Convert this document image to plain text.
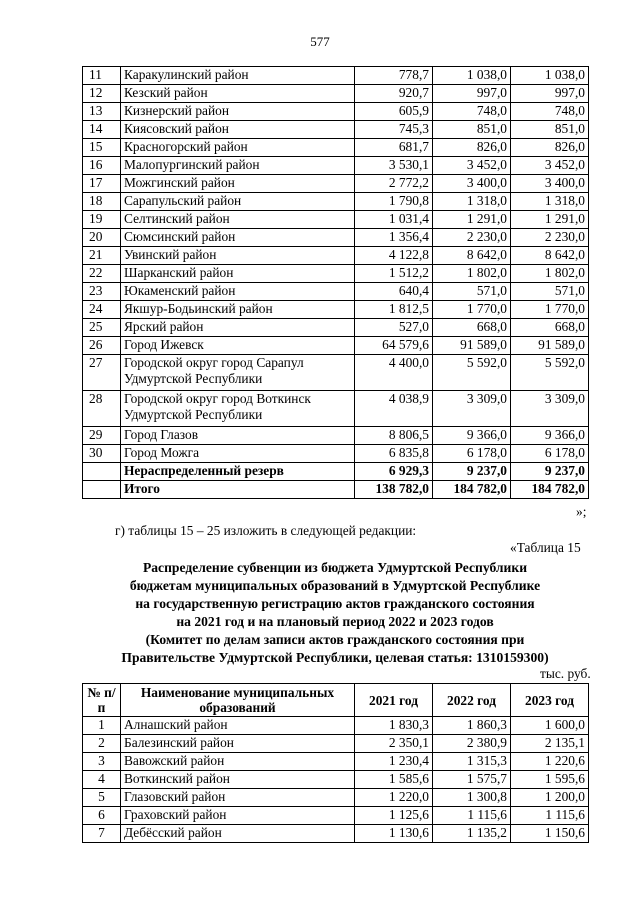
577
11	Каракулинский район	778,7	1 038,0	1 038,0
12	Кезский район	920,7	997,0	997,0
13	Кизнерский район	605,9	748,0	748,0
14	Киясовский район	745,3	851,0	851,0
15	Красногорский район	681,7	826,0	826,0
16	Малопургинский район	3 530,1	3 452,0	3 452,0
17	Можгинский район	2 772,2	3 400,0	3 400,0
18	Сарапульский район	1 790,8	1 318,0	1 318,0
19	Селтинский район	1 031,4	1 291,0	1 291,0
20	Сюмсинский район	1 356,4	2 230,0	2 230,0
21	Увинский район	4 122,8	8 642,0	8 642,0
22	Шарканский район	1 512,2	1 802,0	1 802,0
23	Юкаменский район	640,4	571,0	571,0
24	Якшур-Бодьинский район	1 812,5	1 770,0	1 770,0
25	Ярский район	527,0	668,0	668,0
26	Город Ижевск	64 579,6	91 589,0	91 589,0
27	Городской округ город Сарапул Удмуртской Республики	4 400,0	5 592,0	5 592,0
28	Городской округ город Воткинск Удмуртской Республики	4 038,9	3 309,0	3 309,0
29	Город Глазов	8 806,5	9 366,0	9 366,0
30	Город Можга	6 835,8	6 178,0	6 178,0
	Нераспределенный резерв	6 929,3	9 237,0	9 237,0
	Итого	138 782,0	184 782,0	184 782,0
»;
г) таблицы 15 – 25 изложить в следующей редакции:
«Таблица 15
Распределение субвенции из бюджета Удмуртской Республики
бюджетам муниципальных образований в Удмуртской Республике
на государственную регистрацию актов гражданского состояния
на 2021 год и на плановый период 2022 и 2023 годов
(Комитет по делам записи актов гражданского состояния при
Правительстве Удмуртской Республики, целевая статья: 1310159300)
тыс. руб.
№ п/п	Наименование муниципальных образований	2021 год	2022 год	2023 год
1	Алнашский район	1 830,3	1 860,3	1 600,0
2	Балезинский район	2 350,1	2 380,9	2 135,1
3	Вавожский район	1 230,4	1 315,3	1 220,6
4	Воткинский район	1 585,6	1 575,7	1 595,6
5	Глазовский район	1 220,0	1 300,8	1 200,0
6	Граховский район	1 125,6	1 115,6	1 115,6
7	Дебёсский район	1 130,6	1 135,2	1 150,6
